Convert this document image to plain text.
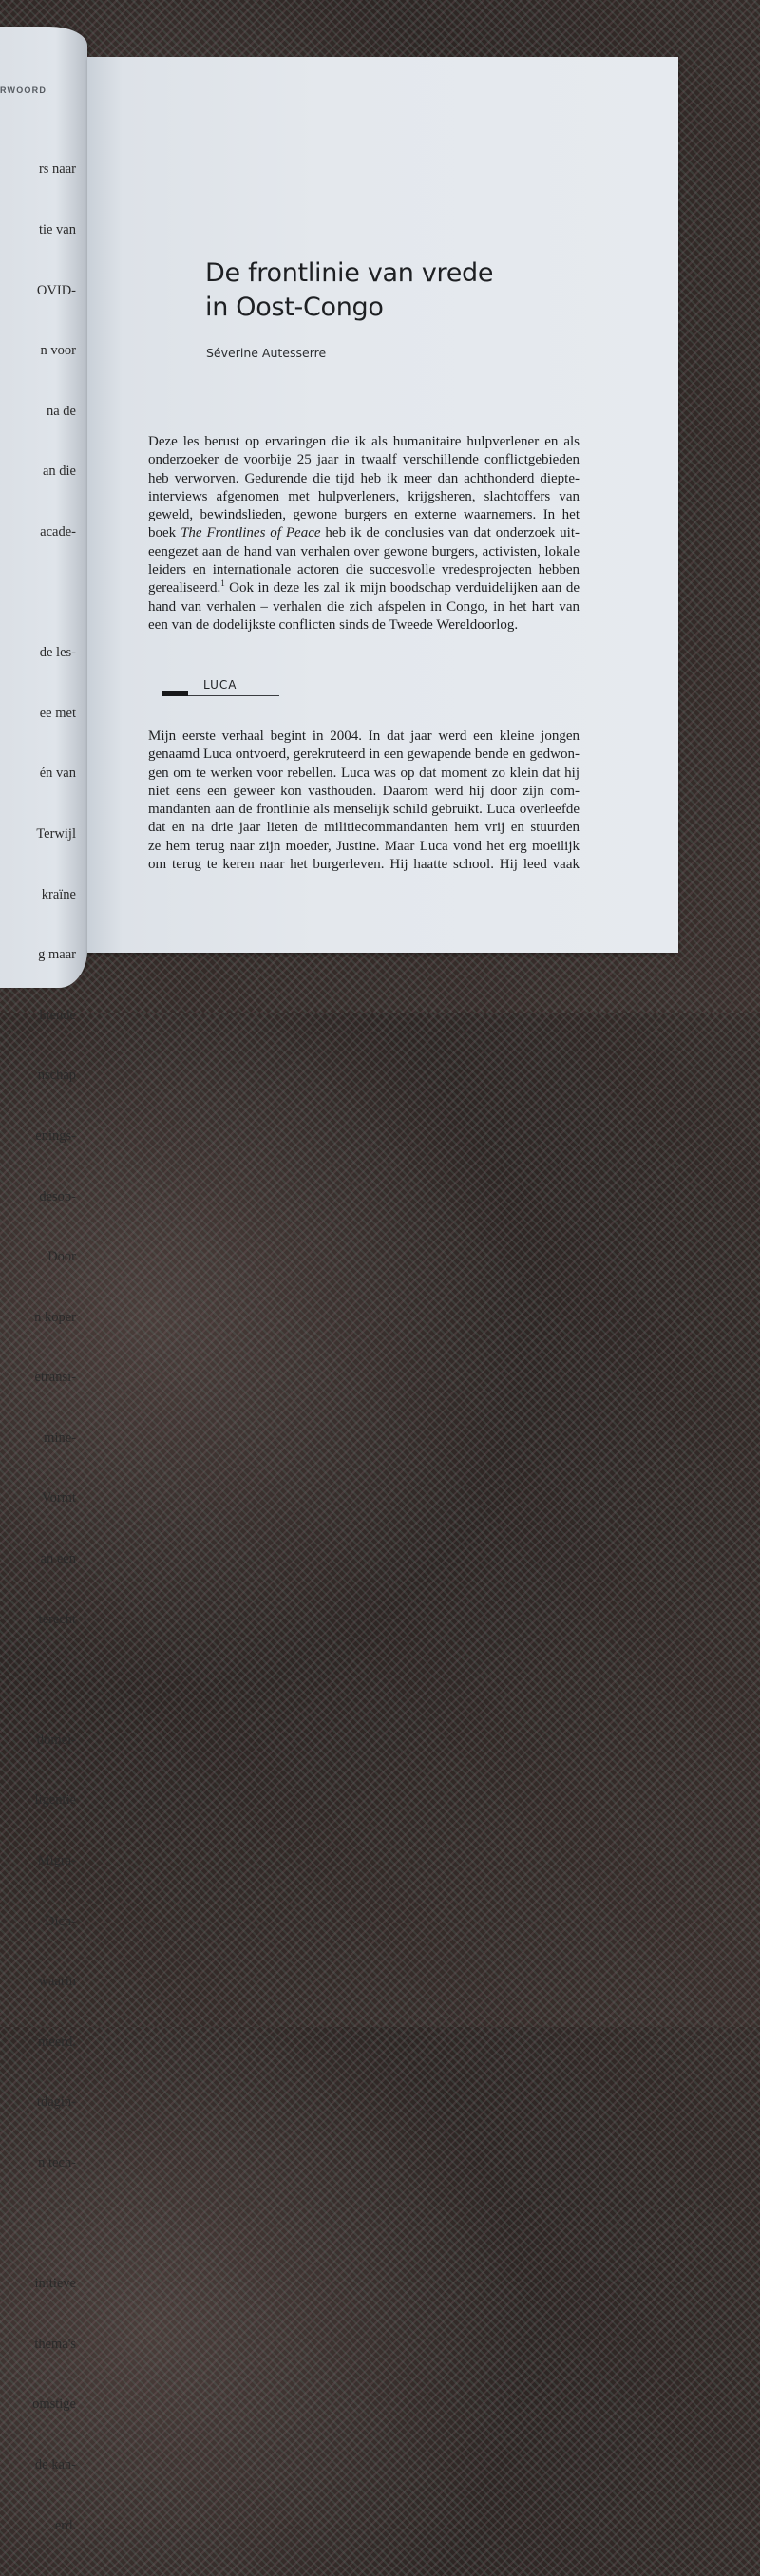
RWOORD

rs naar

tie van

OVID-

n voor

na de

an die

acade-

de les-

ee met

én van

Terwijl

kraïne

g maar

htende

nschap

enings-

desop-

. Door

n koper

etransi-

mine-

Vormt

an een

terecht

domei-

ligentie

Migra-

. Dich-

waarin

nteerd.

tdagin-

n tech-

initieve

thema's

omstige

de kan-

erd.

De frontlinie van vrede
in Oost-Congo
Séverine Autesserre
Deze les berust op ervaringen die ik als humanitaire hulpverlener en als
onderzoeker de voorbije 25 jaar in twaalf verschillende conflictgebieden
heb verworven. Gedurende die tijd heb ik meer dan achthonderd diepte-
interviews afgenomen met hulpverleners, krijgsheren, slachtoffers van
geweld, bewindslieden, gewone burgers en externe waarnemers. In het
boek The Frontlines of Peace heb ik de conclusies van dat onderzoek uit-
eengezet aan de hand van verhalen over gewone burgers, activisten, lokale
leiders en internationale actoren die succesvolle vredesprojecten hebben
gerealiseerd.$^1$ Ook in deze les zal ik mijn boodschap verduidelijken aan de
hand van verhalen – verhalen die zich afspelen in Congo, in het hart van
een van de dodelijkste conflicten sinds de Tweede Wereldoorlog.
LUCA
Mijn eerste verhaal begint in 2004. In dat jaar werd een kleine jongen
genaamd Luca ontvoerd, gerekruteerd in een gewapende bende en gedwon-
gen om te werken voor rebellen. Luca was op dat moment zo klein dat hij
niet eens een geweer kon vasthouden. Daarom werd hij door zijn com-
mandanten aan de frontlinie als menselijk schild gebruikt. Luca overleefde
dat en na drie jaar lieten de militiecommandanten hem vrij en stuurden
ze hem terug naar zijn moeder, Justine. Maar Luca vond het erg moeilijk
om terug te keren naar het burgerleven. Hij haatte school. Hij leed vaak
